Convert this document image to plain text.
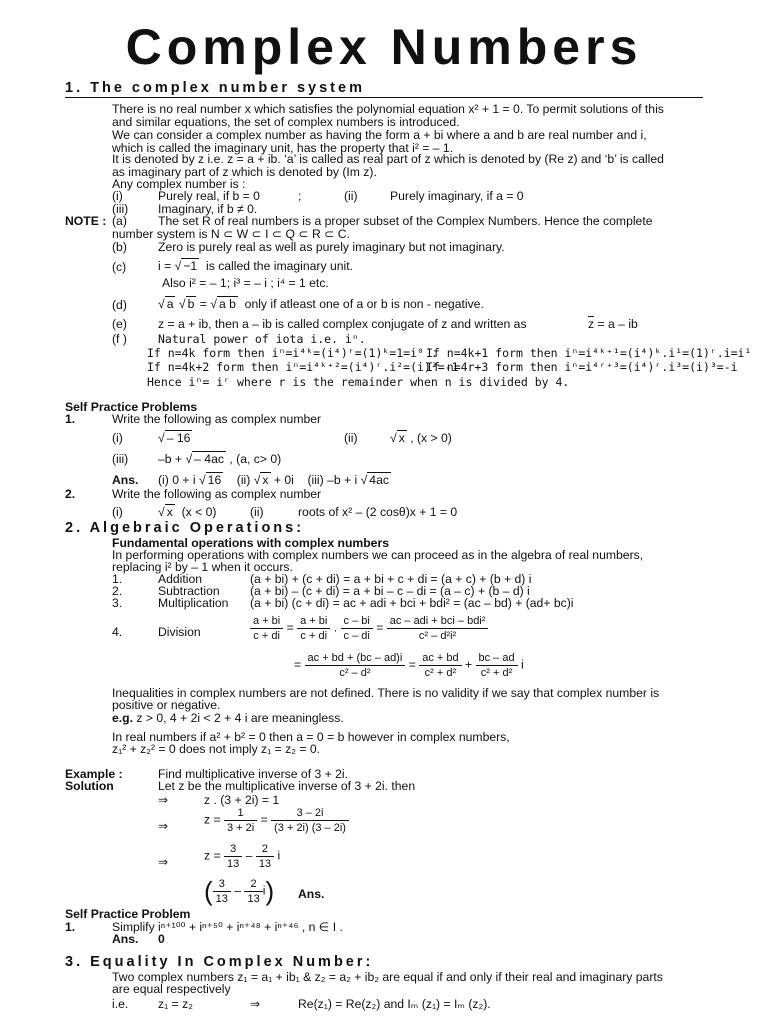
Complex Numbers
1. The complex number system
There is no real number x which satisfies the polynomial equation x² + 1 = 0. To permit solutions of this
and similar equations, the set of complex numbers is introduced.
We can consider a complex number as having the form a + bi where a and b are real number and i,
which is called the imaginary unit, has the property that i² = – 1.
It is denoted by z i.e. z = a + ib. ‘a’ is called as real part of z which is denoted by (Re z) and ‘b’ is called
as imaginary part of z which is denoted by (Im z).
Any complex number is :
(i)	Purely real, if b = 0	;	(ii)	Purely imaginary, if a = 0
(iii) Imaginary, if b ≠ 0.
NOTE : (a)	The set R of real numbers is a proper subset of the Complex Numbers. Hence the complete
number system is N ⊂ W ⊂ I ⊂ Q ⊂ R ⊂ C.
(b)	Zero is purely real as well as purely imaginary but not imaginary.
(c)	i = √ −1 is called the imaginary unit.
Also i² = – 1; i³ = – i ; i⁴ = 1 etc.
(d)	√ a √ b = √ a b only if atleast one of a or b is non - negative.
(e)	z = a + ib, then a – ib is called complex conjugate of z and written as	z = a – ib
(f )	Natural power of iota i.e. iⁿ.
If n=4k form then iⁿ=i⁴ᵏ=(i⁴)ʳ=(1)ᵏ=1=i⁰ .
If n=4k+1 form then iⁿ=i⁴ᵏ⁺¹=(i⁴)ᵏ.i¹=(1)ʳ.i=i¹
If n=4k+2 form then iⁿ=i⁴ᵏ⁺²=(i⁴)ʳ.i²=(i)²=-1
If n=4r+3 form then iⁿ=i⁴ʳ⁺³=(i⁴)ʳ.i³=(i)³=-i
Hence iⁿ= iʳ where r is the remainder when n is divided by 4.
Self Practice Problems
1.	Write the following as complex number
(i)	√ – 16	(ii)	√ x , (x > 0)
(iii) –b + √ – 4ac , (a, c> 0)
Ans. (i) 0 + i √ 16 (ii) √ x + 0i (iii) –b + i √ 4ac
2.	Write the following as complex number
(i)	√ x (x < 0)	(ii)	roots of x² – (2 cosθ)x + 1 = 0
2. Algebraic Operations:
Fundamental operations with complex numbers
In performing operations with complex numbers we can proceed as in the algebra of real numbers,
replacing i² by – 1 when it occurs.
1.	Addition	(a + bi) + (c + di) = a + bi + c + di = (a + c) + (b + d) i
2.	Subtraction (a + bi) – (c + di) = a + bi – c – di = (a – c) + (b – d) i
3.	Multiplication (a + bi) (c + di) = ac + adi + bci + bdi² = (ac – bd) + (ad+ bc)i
4.	Division	$\frac{a + bi}{c + di} = \frac{a + bi}{c + di}$ . $\frac{c - bi}{c - di} = \frac{\text{ac – adi + bci – bdi²}}{\text{c² – d²i²}}$
= $\frac{ac + bd + (bc - ad)i}{\text{c² – d²}} = \frac{ac + bd}{\text{c² + d²}} + \frac{bc - ad}{\text{c² + d²}}$ i
Inequalities in complex numbers are not defined. There is no validity if we say that complex number is
positive or negative.
e.g. z > 0, 4 + 2i < 2 + 4 i are meaningless.
In real numbers if a² + b² = 0 then a = 0 = b however in complex numbers,
z₁² + z₂² = 0 does not imply z₁ = z₂ = 0.
Example :	Find multiplicative inverse of 3 + 2i.
Solution	Let z be the multiplicative inverse of 3 + 2i. then
⇒	z . (3 + 2i) = 1
⇒	$z = \frac{1}{3 + 2i} = \frac{3 - 2i}{(3 + 2i) (3 - 2i)}$
⇒	$z = \frac{3}{13} - \frac{2}{13}$ i
( $\frac{3}{13} - \frac{2}{13} i$) Ans.
Self Practice Problem
1.	Simplify iⁿ⁺¹⁰⁰ + iⁿ⁺⁵⁰ + iⁿ⁺⁴⁸ + iⁿ⁺⁴⁶ , n ∈ I .
Ans. 0
3. Equality In Complex Number:
Two complex numbers z₁ = a₁ + ib₁ & z₂ = a₂ + ib₂ are equal if and only if their real and imaginary parts
are equal respectively
i.e. z₁ = z₂	⇒	Re(z₁) = Re(z₂) and Iₘ (z₁) = Iₘ (z₂).
